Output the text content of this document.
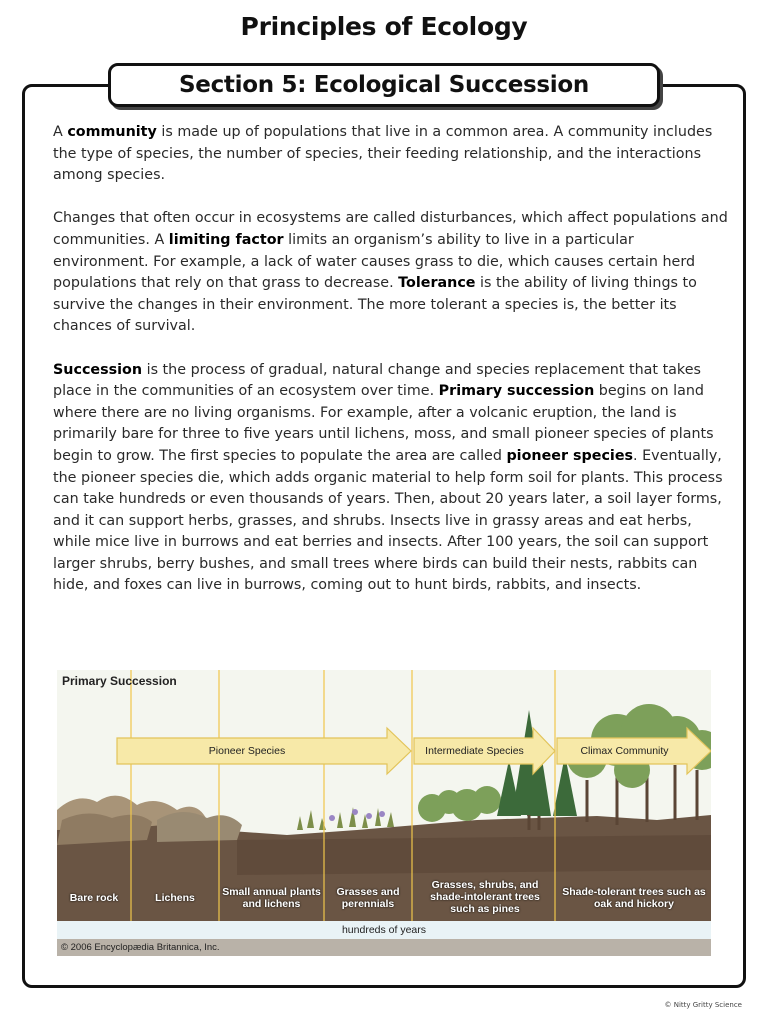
Principles of Ecology
Section 5: Ecological Succession

A community is made up of populations that live in a common area. A community includes the type of species, the number of species, their feeding relationship, and the interactions among species.

Changes that often occur in ecosystems are called disturbances, which affect populations and communities. A limiting factor limits an organism’s ability to live in a particular environment. For example, a lack of water causes grass to die, which causes certain herd populations that rely on that grass to decrease. Tolerance is the ability of living things to survive the changes in their environment. The more tolerant a species is, the better its chances of survival.

Succession is the process of gradual, natural change and species replacement that takes place in the communities of an ecosystem over time. Primary succession begins on land where there are no living organisms. For example, after a volcanic eruption, the land is primarily bare for three to five years until lichens, moss, and small pioneer species of plants begin to grow. The first species to populate the area are called pioneer species. Eventually, the pioneer species die, which adds organic material to help form soil for plants. This process can take hundreds or even thousands of years. Then, about 20 years later, a soil layer forms, and it can support herbs, grasses, and shrubs. Insects live in grassy areas and eat herbs, while mice live in burrows and eat berries and insects. After 100 years, the soil can support larger shrubs, berry bushes, and small trees where birds can build their nests, rabbits can hide, and foxes can live in burrows, coming out to hunt birds, rabbits, and insects.

Primary Succession
Pioneer Species	Intermediate Species	Climax Community
Bare rock	Lichens	Small annual plants and lichens
Grasses and perennials
Grasses, shrubs, and shade-intolerant trees such as pines
Shade-tolerant trees such as oak and hickory
hundreds of years
© 2006 Encyclopædia Britannica, Inc.
© Nitty Gritty Science
